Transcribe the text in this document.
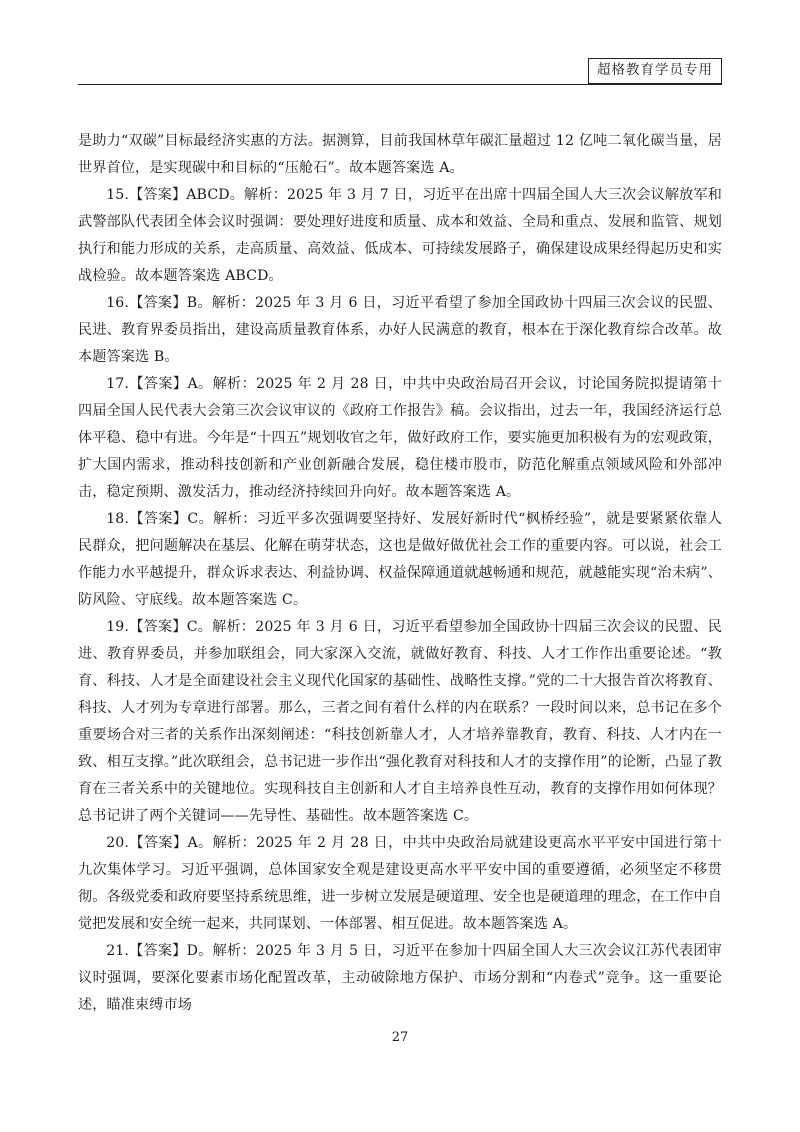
超格教育学员专用

是助力“双碳”目标最经济实惠的方法。据测算，目前我国林草年碳汇量超过 12 亿吨二氧化碳当量，居世界首位，是实现碳中和目标的“压舱石”。故本题答案选 A。

15.【答案】ABCD。解析：2025 年 3 月 7 日，习近平在出席十四届全国人大三次会议解放军和武警部队代表团全体会议时强调：要处理好进度和质量、成本和效益、全局和重点、发展和监管、规划执行和能力形成的关系，走高质量、高效益、低成本、可持续发展路子，确保建设成果经得起历史和实战检验。故本题答案选 ABCD。

16.【答案】B。解析：2025 年 3 月 6 日，习近平看望了参加全国政协十四届三次会议的民盟、民进、教育界委员指出，建设高质量教育体系，办好人民满意的教育，根本在于深化教育综合改革。故本题答案选 B。

17.【答案】A。解析：2025 年 2 月 28 日，中共中央政治局召开会议，讨论国务院拟提请第十四届全国人民代表大会第三次会议审议的《政府工作报告》稿。会议指出，过去一年，我国经济运行总体平稳、稳中有进。今年是“十四五”规划收官之年，做好政府工作，要实施更加积极有为的宏观政策，扩大国内需求，推动科技创新和产业创新融合发展，稳住楼市股市，防范化解重点领域风险和外部冲击，稳定预期、激发活力，推动经济持续回升向好。故本题答案选 A。

18.【答案】C。解析：习近平多次强调要坚持好、发展好新时代“枫桥经验”，就是要紧紧依靠人民群众，把问题解决在基层、化解在萌芽状态，这也是做好做优社会工作的重要内容。可以说，社会工作能力水平越提升，群众诉求表达、利益协调、权益保障通道就越畅通和规范，就越能实现“治未病”、防风险、守底线。故本题答案选 C。

19.【答案】C。解析：2025 年 3 月 6 日，习近平看望参加全国政协十四届三次会议的民盟、民进、教育界委员，并参加联组会，同大家深入交流，就做好教育、科技、人才工作作出重要论述。“教育、科技、人才是全面建设社会主义现代化国家的基础性、战略性支撑。”党的二十大报告首次将教育、科技、人才列为专章进行部署。那么，三者之间有着什么样的内在联系？一段时间以来，总书记在多个重要场合对三者的关系作出深刻阐述：“科技创新靠人才，人才培养靠教育，教育、科技、人才内在一致、相互支撑。”此次联组会，总书记进一步作出“强化教育对科技和人才的支撑作用”的论断，凸显了教育在三者关系中的关键地位。实现科技自主创新和人才自主培养良性互动，教育的支撑作用如何体现？总书记讲了两个关键词——先导性、基础性。故本题答案选 C。

20.【答案】A。解析：2025 年 2 月 28 日，中共中央政治局就建设更高水平平安中国进行第十九次集体学习。习近平强调，总体国家安全观是建设更高水平平安中国的重要遵循，必须坚定不移贯彻。各级党委和政府要坚持系统思维，进一步树立发展是硬道理、安全也是硬道理的理念，在工作中自觉把发展和安全统一起来，共同谋划、一体部署、相互促进。故本题答案选 A。

21.【答案】D。解析：2025 年 3 月 5 日，习近平在参加十四届全国人大三次会议江苏代表团审议时强调，要深化要素市场化配置改革，主动破除地方保护、市场分割和“内卷式”竞争。这一重要论述，瞄准束缚市场

27
